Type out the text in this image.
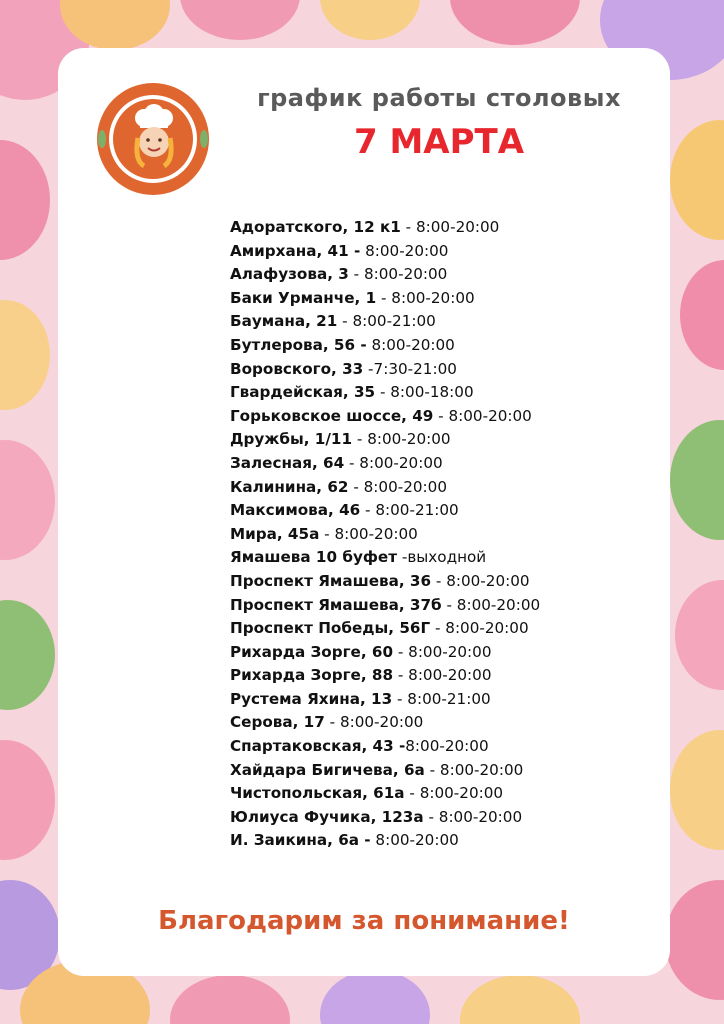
график работы столовых
7 МАРТА
Адоратского, 12 к1 - 8:00-20:00
Амирхана, 41 - 8:00-20:00
Алафузова, 3 - 8:00-20:00
Баки Урманче, 1 - 8:00-20:00
Баумана, 21 - 8:00-21:00
Бутлерова, 56 - 8:00-20:00
Воровского, 33 -7:30-21:00
Гвардейская, 35 - 8:00-18:00
Горьковское шоссе, 49 - 8:00-20:00
Дружбы, 1/11 - 8:00-20:00
Залесная, 64 - 8:00-20:00
Калинина, 62 - 8:00-20:00
Максимова, 46 - 8:00-21:00
Мира, 45а - 8:00-20:00
Ямашева 10 буфет -выходной
Проспект Ямашева, 36 - 8:00-20:00
Проспект Ямашева, 37б - 8:00-20:00
Проспект Победы, 56Г - 8:00-20:00
Рихарда Зорге, 60 - 8:00-20:00
Рихарда Зорге, 88 - 8:00-20:00
Рустема Яхина, 13 - 8:00-21:00
Серова, 17 - 8:00-20:00
Спартаковская, 43 -8:00-20:00
Хайдара Бигичева, 6а - 8:00-20:00
Чистопольская, 61а - 8:00-20:00
Юлиуса Фучика, 123а - 8:00-20:00
И. Заикина, 6а - 8:00-20:00
Благодарим за понимание!
